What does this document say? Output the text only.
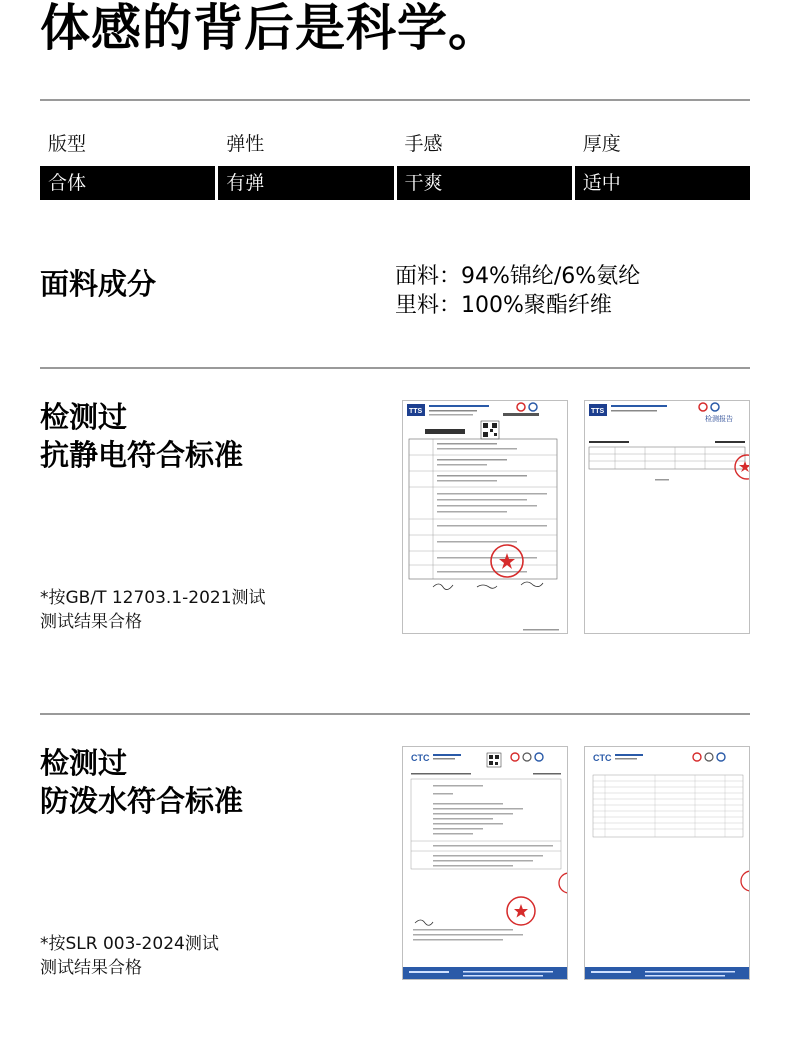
体感的背后是科学。
版型	弹性	手感	厚度
合体	有弹	干爽	适中
面料成分	面料：94%锦纶/6%氨纶
里料：100%聚酯纤维
检测过
抗静电符合标准
*按GB/T 12703.1-2021测试
测试结果合格
TTS	TTS
检测报告
检测过
防泼水符合标准
*按SLR 003-2024测试
测试结果合格
CTC	CTC
